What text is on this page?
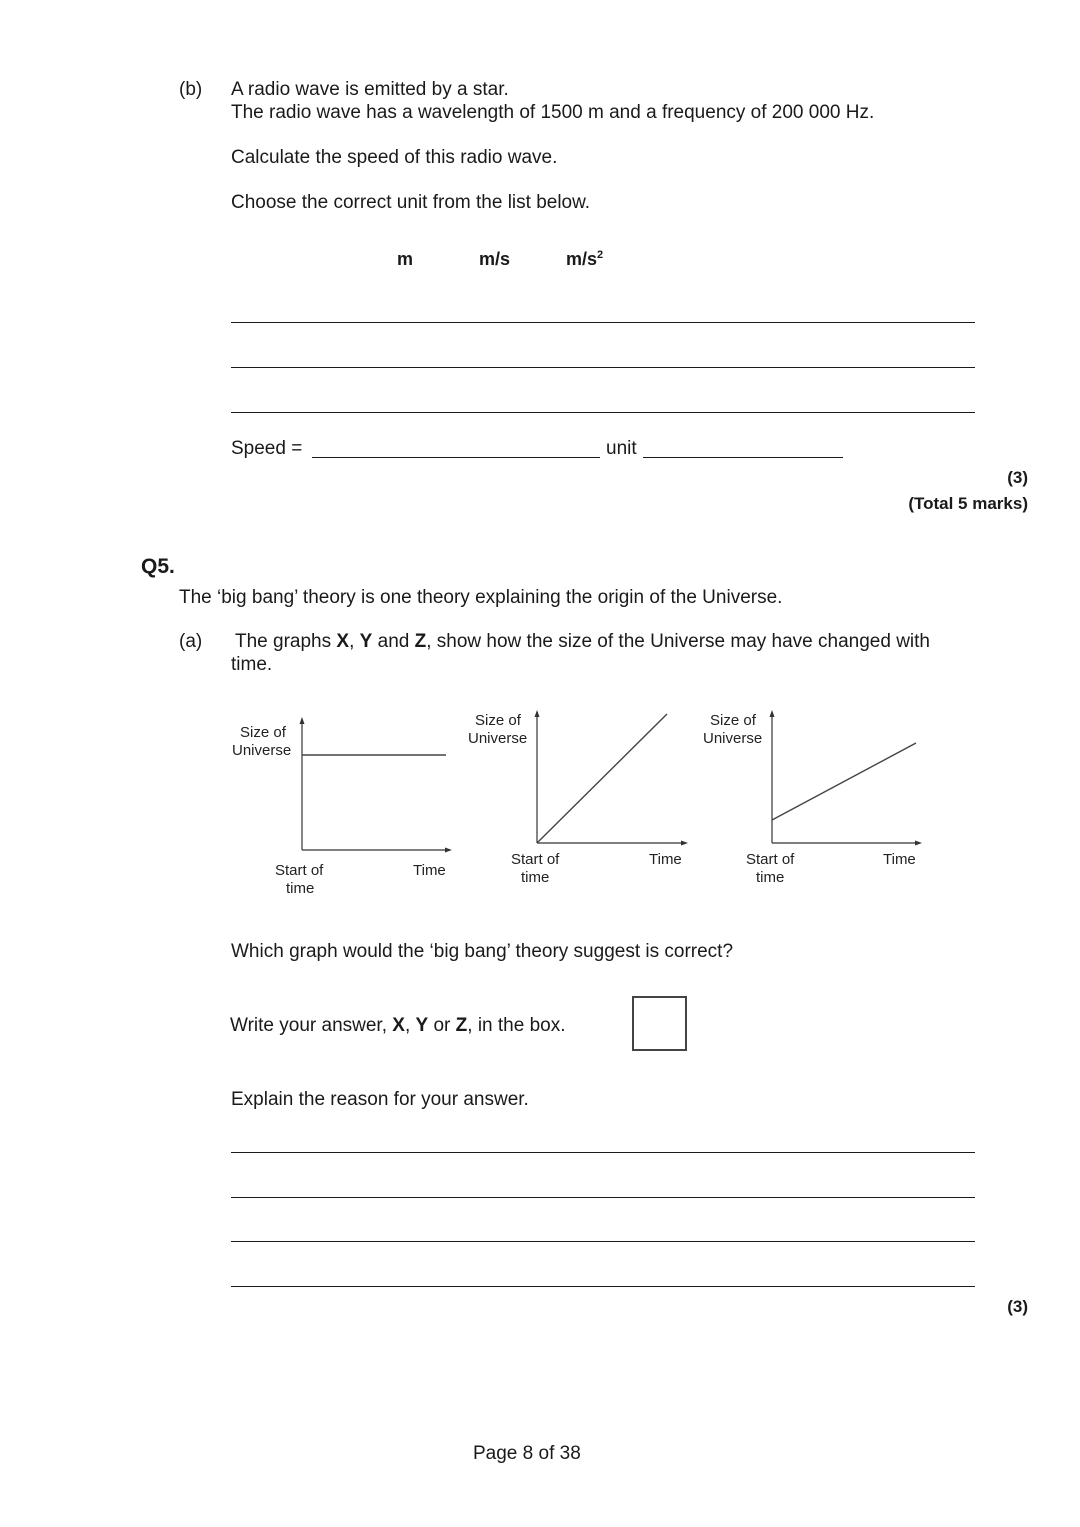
(b) A radio wave is emitted by a star.
The radio wave has a wavelength of 1500 m and a frequency of 200 000 Hz.
Calculate the speed of this radio wave.
Choose the correct unit from the list below.
m	m/s	$m/s^2$
Speed =	unit
(3)
(Total 5 marks)
Q5.
The ‘big bang’ theory is one theory explaining the origin of the Universe.
(a) The graphs X, Y and Z, show how the size of the Universe may have changed with
time.
Size of
Universe
Time
Start of
time
Size of
Universe
Time
Start of
time
Size of
Universe
Time
Start of
time
Which graph would the ‘big bang’ theory suggest is correct?
Write your answer, X, Y or Z, in the box.
Explain the reason for your answer.
(3)
Page 8 of 38
